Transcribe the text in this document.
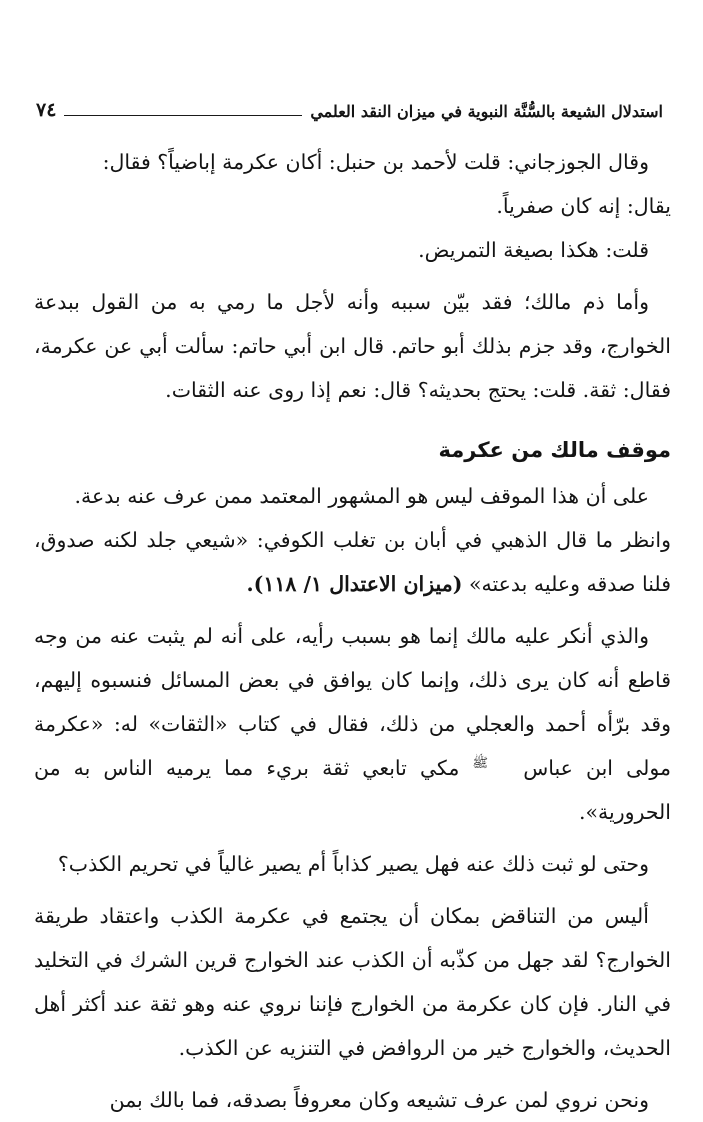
٧٤	استدلال الشيعة بالسُّنَّة النبوية في ميزان النقد العلمي

وقال الجوزجاني: قلت لأحمد بن حنبل: أكان عكرمة إباضياً؟ فقال:

يقال: إنه كان صفرياً.

قلت: هكذا بصيغة التمريض.

وأما ذم مالك؛ فقد بيّن سببه وأنه لأجل ما رمي به من القول ببدعة الخوارج، وقد جزم بذلك أبو حاتم. قال ابن أبي حاتم: سألت أبي عن عكرمة، فقال: ثقة. قلت: يحتج بحديثه؟ قال: نعم إذا روى عنه الثقات.

موقف مالك من عكرمة

على أن هذا الموقف ليس هو المشهور المعتمد ممن عرف عنه بدعة.

وانظر ما قال الذهبي في أبان بن تغلب الكوفي: «شيعي جلد لكنه صدوق، فلنا صدقه وعليه بدعته» (ميزان الاعتدال ١/ ١١٨).

والذي أنكر عليه مالك إنما هو بسبب رأيه، على أنه لم يثبت عنه من وجه قاطع أنه كان يرى ذلك، وإنما كان يوافق في بعض المسائل فنسبوه إليهم، وقد برّأه أحمد والعجلي من ذلك، فقال في كتاب «الثقات» له: «عكرمة مولى ابن عباس ﷺ مكي تابعي ثقة بريء مما يرميه الناس به من الحرورية».

وحتى لو ثبت ذلك عنه فهل يصير كذاباً أم يصير غالياً في تحريم الكذب؟

أليس من التناقض بمكان أن يجتمع في عكرمة الكذب واعتقاد طريقة الخوارج؟ لقد جهل من كذّبه أن الكذب عند الخوارج قرين الشرك في التخليد في النار. فإن كان عكرمة من الخوارج فإننا نروي عنه وهو ثقة عند أكثر أهل الحديث، والخوارج خير من الروافض في التنزيه عن الكذب.

ونحن نروي لمن عرف تشيعه وكان معروفاً بصدقه، فما بالك بمن
